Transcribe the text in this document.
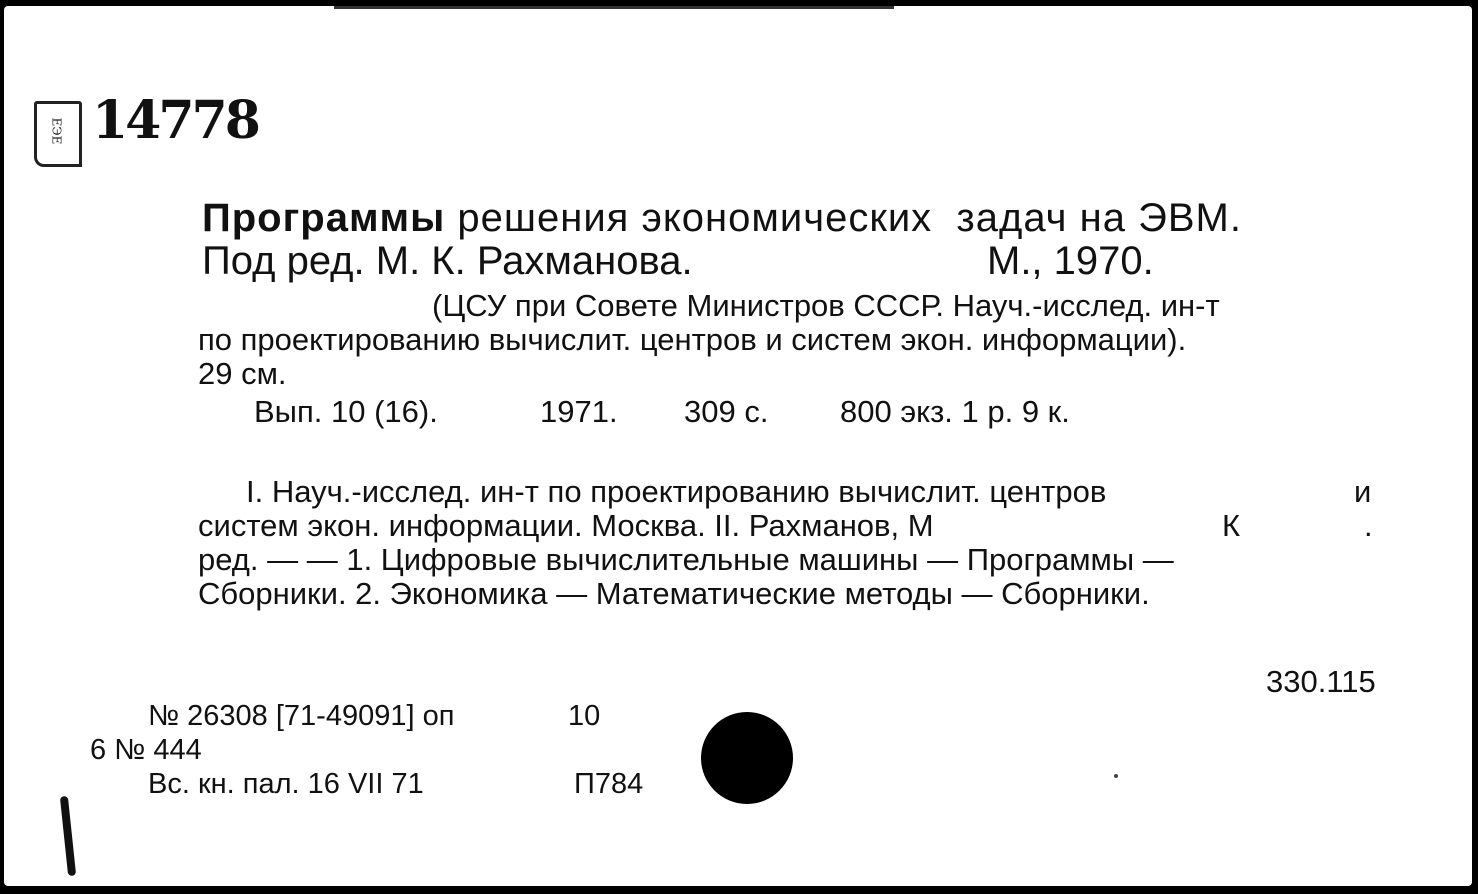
ЕЭЕ 14778
Программы решения экономических  задач на ЭВМ.
Под ред. М. К. Рахманова.	М., 1970.
(ЦСУ при Совете Министров СССР. Науч.-исслед. ин-т
по проектированию вычислит. центров и систем экон. информации).
29 см.
Вып. 10 (16).	1971. 309 с. 800 экз. 1 р. 9 к.
I. Науч.-исслед. ин-т по проектированию вычислит. центров	и
систем экон. информации. Москва. II. Рахманов, М	К	.
ред. — — 1. Цифровые вычислительные машины — Программы —
Сборники. 2. Экономика — Математические методы — Сборники.
330.115
№ 26308 [71-49091] оп	10
6 № 444
Вс. кн. пал. 16 VII 71	П784
